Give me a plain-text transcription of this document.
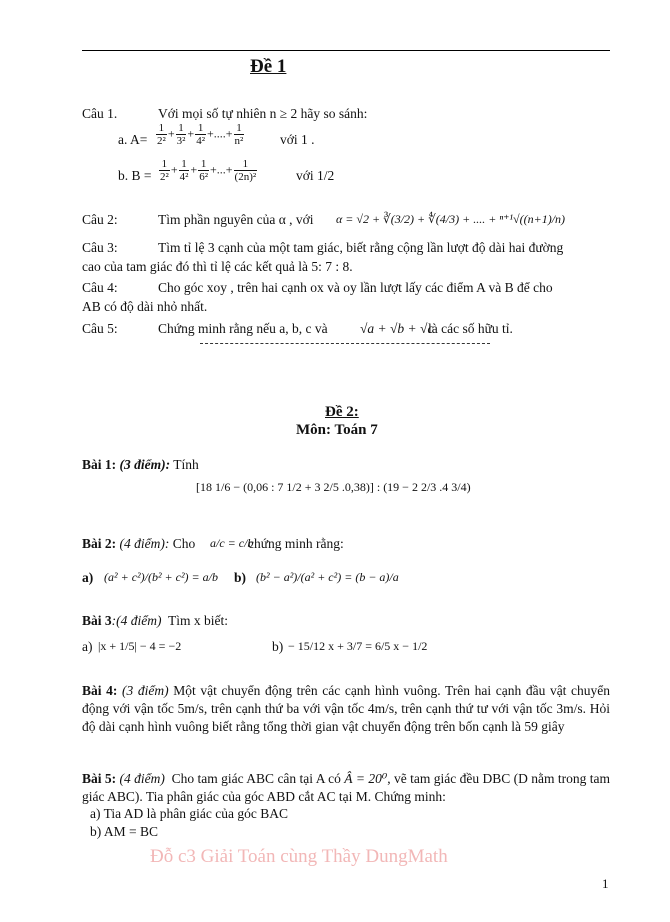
Đề 1
Câu 1.	Với mọi số tự nhiên n ≥ 2 hãy so sánh:
a. $A= \frac{1}{\text{2²}} + \frac{1}{\text{3²}} + \frac{1}{\text{4²}}$ +....+ $\frac{1}{\text{n²}}$	với 1 .
b. $B = \frac{1}{\text{2²}} + \frac{1}{\text{4²}} + \frac{1}{\text{6²}}$ +...+ $\frac{1}{\text{(2n)²}}$	với 1/2
Câu 2:	Tìm phần nguyên của α , với α = √2 + ∛(3/2) + ∜(4/3) + .... + ⁿ⁺¹√((n+1)/n)
Câu 3:	Tìm tỉ lệ 3 cạnh của một tam giác, biết rằng cộng lần lượt độ dài hai đường
cao của tam giác đó thì tỉ lệ các kết quả là 5: 7 : 8.
Câu 4:	Cho góc xoy , trên hai cạnh ox và oy lần lượt lấy các điểm A và B để cho
AB có độ dài nhỏ nhất.
Câu 5:	Chứng minh rằng nếu a, b, c và √a + √b + √c
là các số hữu tỉ.
Đề 2:
Môn: Toán 7
Bài 1: (3 điểm): Tính
[18 1/6 − (0,06 : 7 1/2 + 3 2/5 .0,38)] : (19 − 2 2/3 .4 3/4)
Bài 2: (4 điểm): Cho a/c = c/b
chứng minh rằng:
a) (a² + c²)/(b² + c²) = a/b b) (b² − a²)/(a² + c²) = (b − a)/a
Bài 3:(4 điểm) Tìm x biết:
a) |x + 1/5| − 4 = −2	b) − 15/12 x + 3/7 = 6/5 x − 1/2
Bài 4: (3 điểm) Một vật chuyển động trên các cạnh hình vuông. Trên hai cạnh đầu vật chuyển động với vận tốc 5m/s, trên cạnh thứ ba với vận tốc 4m/s, trên cạnh thứ tư với vận tốc 3m/s. Hỏi độ dài cạnh hình vuông biết rằng tổng thời gian vật chuyển động trên bốn cạnh là 59 giây
Bài 5: (4 điểm) Cho tam giác ABC cân tại A có Â = 20⁰, vẽ tam giác đều DBC (D nằm trong tam giác ABC). Tia phân giác của góc ABD cắt AC tại M. Chứng minh:
a) Tia AD là phân giác của góc BAC
b) AM = BC
Đỗ c3 Giải Toán cùng Thầy DungMath
1
